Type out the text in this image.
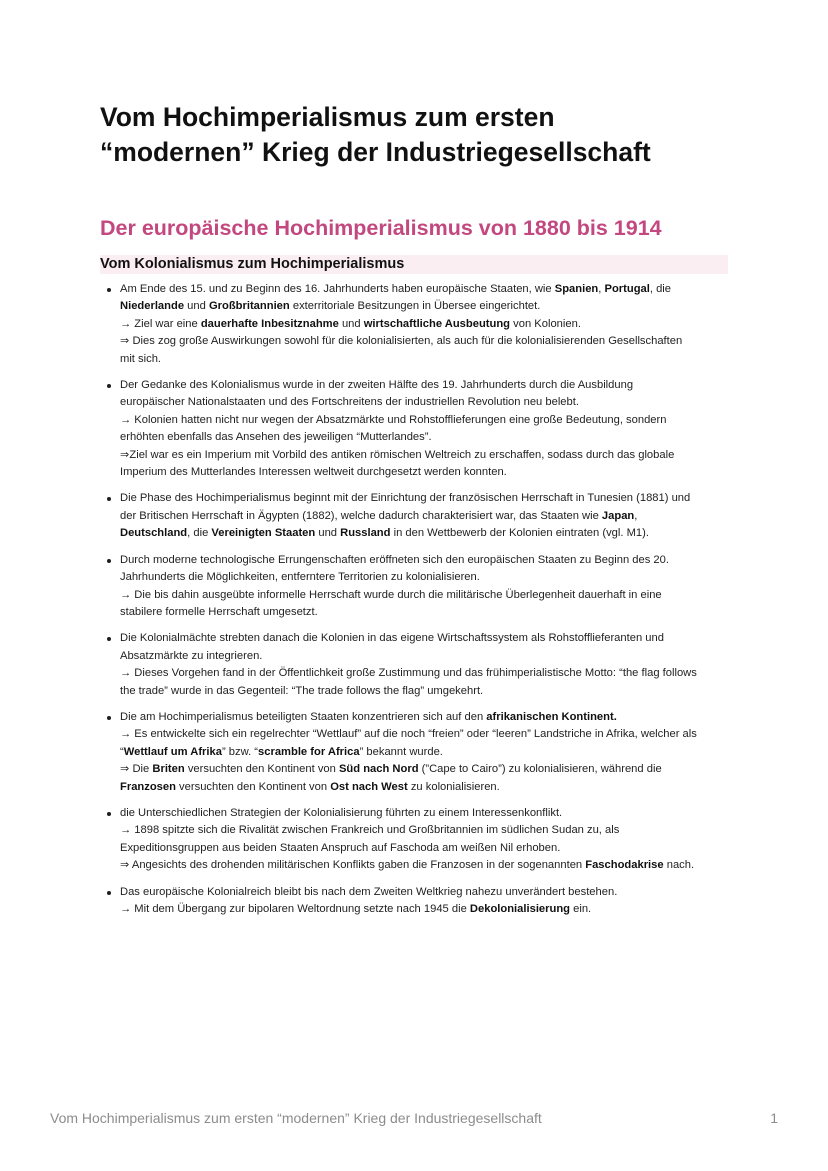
Vom Hochimperialismus zum ersten
“modernen” Krieg der Industriegesellschaft
Der europäische Hochimperialismus von 1880 bis 1914
Vom Kolonialismus zum Hochimperialismus
Am Ende des 15. und zu Beginn des 16. Jahrhunderts haben europäische Staaten, wie Spanien, Portugal, die
Niederlande und Großbritannien exterritoriale Besitzungen in Übersee eingerichtet.
→ Ziel war eine dauerhafte Inbesitznahme und wirtschaftliche Ausbeutung von Kolonien.
⇒ Dies zog große Auswirkungen sowohl für die kolonialisierten, als auch für die kolonialisierenden Gesellschaften
mit sich.
Der Gedanke des Kolonialismus wurde in der zweiten Hälfte des 19. Jahrhunderts durch die Ausbildung
europäischer Nationalstaaten und des Fortschreitens der industriellen Revolution neu belebt.
→ Kolonien hatten nicht nur wegen der Absatzmärkte und Rohstofflieferungen eine große Bedeutung, sondern
erhöhten ebenfalls das Ansehen des jeweiligen “Mutterlandes”.
⇒Ziel war es ein Imperium mit Vorbild des antiken römischen Weltreich zu erschaffen, sodass durch das globale
Imperium des Mutterlandes Interessen weltweit durchgesetzt werden konnten.
Die Phase des Hochimperialismus beginnt mit der Einrichtung der französischen Herrschaft in Tunesien (1881) und
der Britischen Herrschaft in Ägypten (1882), welche dadurch charakterisiert war, das Staaten wie Japan,
Deutschland, die Vereinigten Staaten und Russland in den Wettbewerb der Kolonien eintraten (vgl. M1).
Durch moderne technologische Errungenschaften eröffneten sich den europäischen Staaten zu Beginn des 20.
Jahrhunderts die Möglichkeiten, entferntere Territorien zu kolonialisieren.
→ Die bis dahin ausgeübte informelle Herrschaft wurde durch die militärische Überlegenheit dauerhaft in eine
stabilere formelle Herrschaft umgesetzt.
Die Kolonialmächte strebten danach die Kolonien in das eigene Wirtschaftssystem als Rohstofflieferanten und
Absatzmärkte zu integrieren.
→ Dieses Vorgehen fand in der Öffentlichkeit große Zustimmung und das frühimperialistische Motto: “the flag follows
the trade” wurde in das Gegenteil: “The trade follows the flag” umgekehrt.
Die am Hochimperialismus beteiligten Staaten konzentrieren sich auf den afrikanischen Kontinent.
→ Es entwickelte sich ein regelrechter “Wettlauf” auf die noch “freien” oder “leeren” Landstriche in Afrika, welcher als
“Wettlauf um Afrika” bzw. “scramble for Africa” bekannt wurde.
⇒ Die Briten versuchten den Kontinent von Süd nach Nord (”Cape to Cairo”) zu kolonialisieren, während die
Franzosen versuchten den Kontinent von Ost nach West zu kolonialisieren.
die Unterschiedlichen Strategien der Kolonialisierung führten zu einem Interessenkonflikt.
→ 1898 spitzte sich die Rivalität zwischen Frankreich und Großbritannien im südlichen Sudan zu, als
Expeditionsgruppen aus beiden Staaten Anspruch auf Faschoda am weißen Nil erhoben.
⇒ Angesichts des drohenden militärischen Konflikts gaben die Franzosen in der sogenannten Faschodakrise nach.
Das europäische Kolonialreich bleibt bis nach dem Zweiten Weltkrieg nahezu unverändert bestehen.
→ Mit dem Übergang zur bipolaren Weltordnung setzte nach 1945 die Dekolonialisierung ein.
Vom Hochimperialismus zum ersten “modernen” Krieg der Industriegesellschaft	1
